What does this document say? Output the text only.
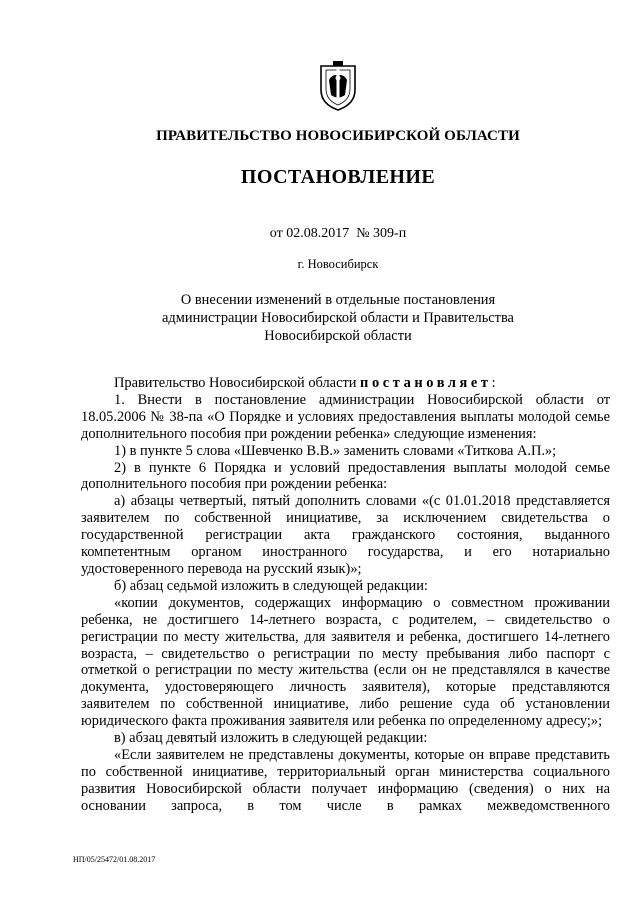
ПРАВИТЕЛЬСТВО НОВОСИБИРСКОЙ ОБЛАСТИ
ПОСТАНОВЛЕНИЕ
от 02.08.2017  № 309-п
г. Новосибирск
О внесении изменений в отдельные постановления
администрации Новосибирской области и Правительства
Новосибирской области

Правительство Новосибирской области постановляет:

1. Внести в постановление администрации Новосибирской области от 18.05.2006 № 38-па «О Порядке и условиях предоставления выплаты молодой семье дополнительного пособия при рождении ребенка» следующие изменения:

1) в пункте 5 слова «Шевченко В.В.» заменить словами «Титкова А.П.»;

2) в пункте 6 Порядка и условий предоставления выплаты молодой семье дополнительного пособия при рождении ребенка:

а) абзацы четвертый, пятый дополнить словами «(с 01.01.2018 представляется заявителем по собственной инициативе, за исключением свидетельства о государственной регистрации акта гражданского состояния, выданного компетентным органом иностранного государства, и его нотариально удостоверенного перевода на русский язык)»;

б) абзац седьмой изложить в следующей редакции:

«копии документов, содержащих информацию о совместном проживании ребенка, не достигшего 14-летнего возраста, с родителем, – свидетельство о регистрации по месту жительства, для заявителя и ребенка, достигшего 14-летнего возраста, – свидетельство о регистрации по месту пребывания либо паспорт с отметкой о регистрации по месту жительства (если он не представлялся в качестве документа, удостоверяющего личность заявителя), которые представляются заявителем по собственной инициативе, либо решение суда об установлении юридического факта проживания заявителя или ребенка по определенному адресу;»;

в) абзац девятый изложить в следующей редакции:

«Если заявителем не представлены документы, которые он вправе представить по собственной инициативе, территориальный орган министерства социального развития Новосибирской области получает информацию (сведения) о них на основании запроса, в том числе в рамках межведомственного

НП/05/25472/01.08.2017
